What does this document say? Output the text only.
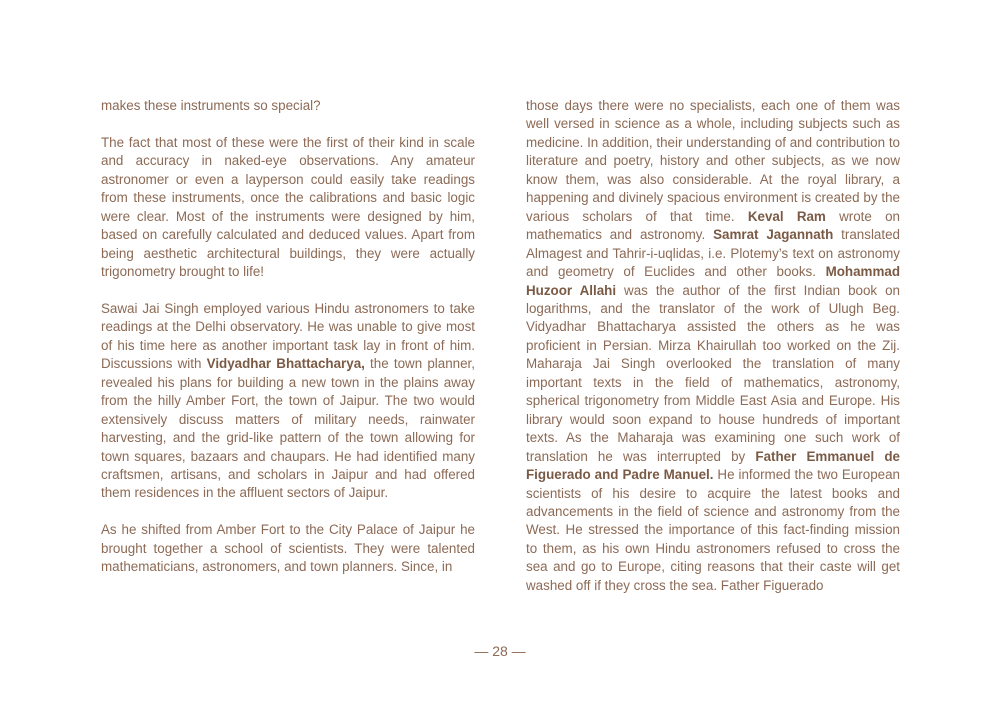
makes these instruments so special?

The fact that most of these were the first of their kind in scale and accuracy in naked-eye observations. Any amateur astronomer or even a layperson could easily take readings from these instruments, once the calibrations and basic logic were clear. Most of the instruments were designed by him, based on carefully calculated and deduced values. Apart from being aesthetic architectural buildings, they were actually trigonometry brought to life!

Sawai Jai Singh employed various Hindu astronomers to take readings at the Delhi observatory. He was unable to give most of his time here as another important task lay in front of him. Discussions with Vidyadhar Bhattacharya, the town planner, revealed his plans for building a new town in the plains away from the hilly Amber Fort, the town of Jaipur. The two would extensively discuss matters of military needs, rainwater harvesting, and the grid-like pattern of the town allowing for town squares, bazaars and chaupars. He had identified many craftsmen, artisans, and scholars in Jaipur and had offered them residences in the affluent sectors of Jaipur.

As he shifted from Amber Fort to the City Palace of Jaipur he brought together a school of scientists. They were talented mathematicians, astronomers, and town planners. Since, in

those days there were no specialists, each one of them was well versed in science as a whole, including subjects such as medicine. In addition, their understanding of and contribution to literature and poetry, history and other subjects, as we now know them, was also considerable. At the royal library, a happening and divinely spacious environment is created by the various scholars of that time. Keval Ram wrote on mathematics and astronomy. Samrat Jagannath translated Almagest and Tahrir-i-uqlidas, i.e. Plotemy’s text on astronomy and geometry of Euclides and other books. Mohammad Huzoor Allahi was the author of the first Indian book on logarithms, and the translator of the work of Ulugh Beg. Vidyadhar Bhattacharya assisted the others as he was proficient in Persian. Mirza Khairullah too worked on the Zij. Maharaja Jai Singh overlooked the translation of many important texts in the field of mathematics, astronomy, spherical trigonometry from Middle East Asia and Europe. His library would soon expand to house hundreds of important texts. As the Maharaja was examining one such work of translation he was interrupted by Father Emmanuel de Figuerado and Padre Manuel. He informed the two European scientists of his desire to acquire the latest books and advancements in the field of science and astronomy from the West. He stressed the importance of this fact-finding mission to them, as his own Hindu astronomers refused to cross the sea and go to Europe, citing reasons that their caste will get washed off if they cross the sea. Father Figuerado

— 28 —
